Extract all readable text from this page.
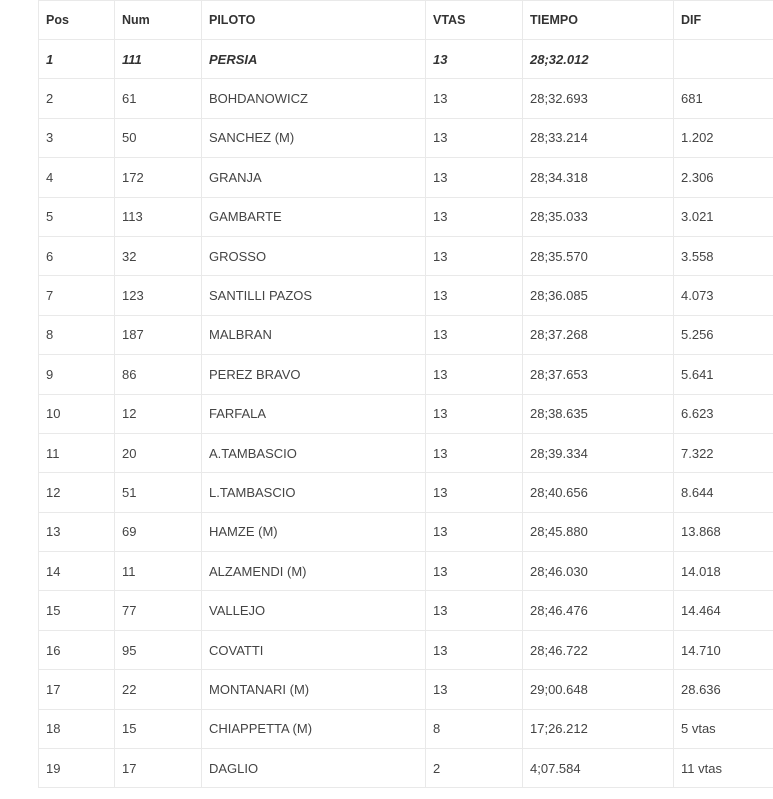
Pos	Num	PILOTO	VTAS	TIEMPO	DIF
1	111	PERSIA	13	28;32.012	
2	61	BOHDANOWICZ	13	28;32.693	681
3	50	SANCHEZ (M)	13	28;33.214	1.202
4	172	GRANJA	13	28;34.318	2.306
5	113	GAMBARTE	13	28;35.033	3.021
6	32	GROSSO	13	28;35.570	3.558
7	123	SANTILLI PAZOS	13	28;36.085	4.073
8	187	MALBRAN	13	28;37.268	5.256
9	86	PEREZ BRAVO	13	28;37.653	5.641
10	12	FARFALA	13	28;38.635	6.623
11	20	A.TAMBASCIO	13	28;39.334	7.322
12	51	L.TAMBASCIO	13	28;40.656	8.644
13	69	HAMZE (M)	13	28;45.880	13.868
14	11	ALZAMENDI (M)	13	28;46.030	14.018
15	77	VALLEJO	13	28;46.476	14.464
16	95	COVATTI	13	28;46.722	14.710
17	22	MONTANARI (M)	13	29;00.648	28.636
18	15	CHIAPPETTA (M)	8	17;26.212	5 vtas
19	17	DAGLIO	2	4;07.584	11 vtas
